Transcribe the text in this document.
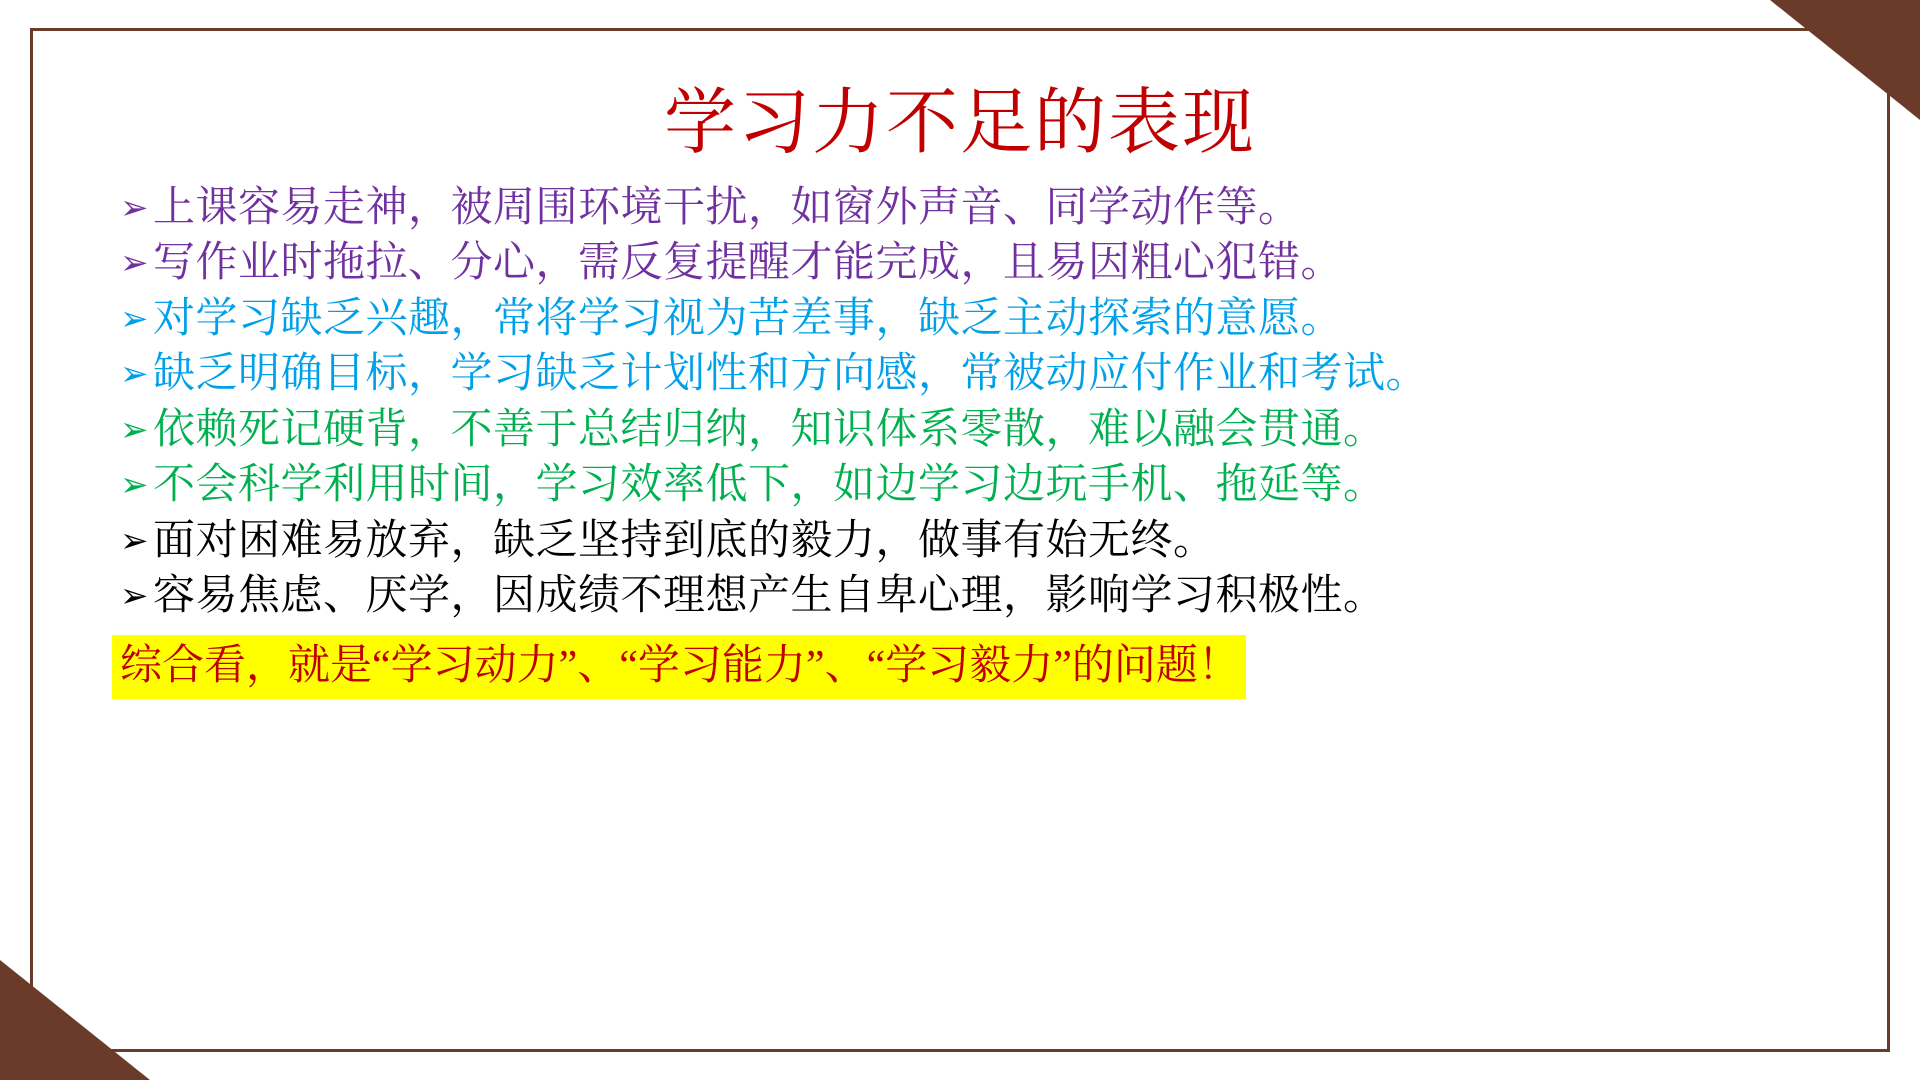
学习力不足的表现
➢上课容易走神，被周围环境干扰，如窗外声音、同学动作等。
➢写作业时拖拉、分心，需反复提醒才能完成，且易因粗心犯错。
➢对学习缺乏兴趣，常将学习视为苦差事，缺乏主动探索的意愿。
➢缺乏明确目标，学习缺乏计划性和方向感，常被动应付作业和考试。
➢依赖死记硬背，不善于总结归纳，知识体系零散，难以融会贯通。
➢不会科学利用时间，学习效率低下，如边学习边玩手机、拖延等。
➢面对困难易放弃，缺乏坚持到底的毅力，做事有始无终。
➢容易焦虑、厌学，因成绩不理想产生自卑心理，影响学习积极性。
综合看，就是“学习动力”、“学习能力”、“学习毅力”的问题！
